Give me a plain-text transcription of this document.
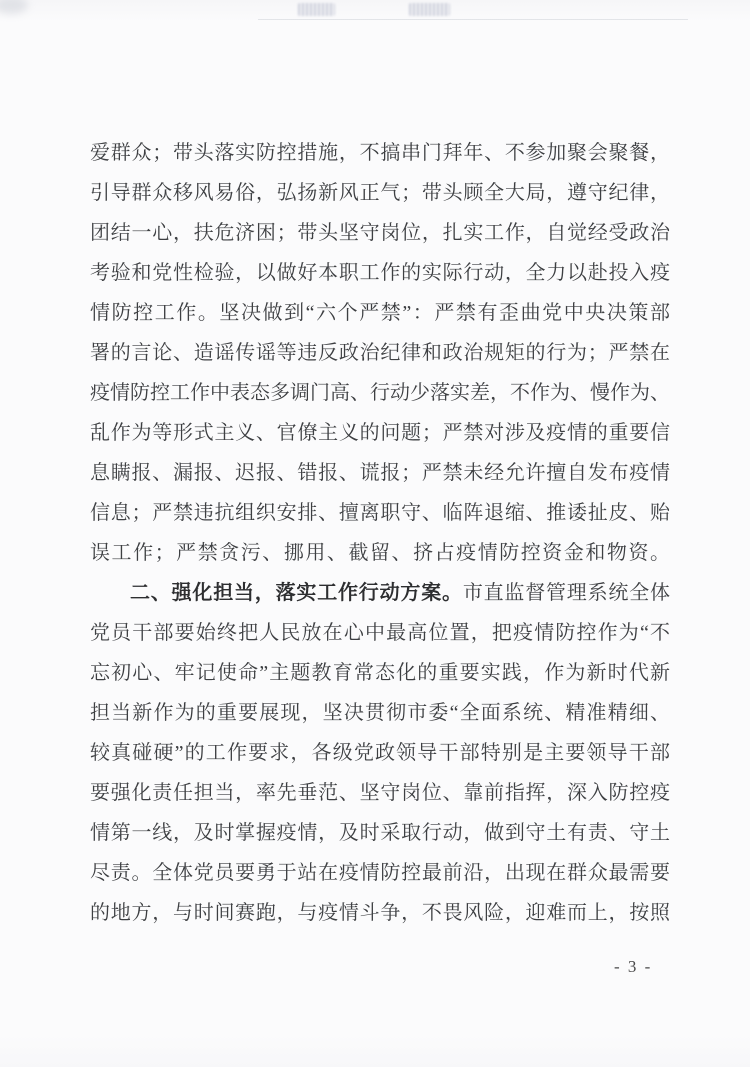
爱群众；带头落实防控措施，不搞串门拜年、不参加聚会聚餐，
引导群众移风易俗，弘扬新风正气；带头顾全大局，遵守纪律，
团结一心，扶危济困；带头坚守岗位，扎实工作，自觉经受政治
考验和党性检验，以做好本职工作的实际行动，全力以赴投入疫
情防控工作。坚决做到“六个严禁”：严禁有歪曲党中央决策部
署的言论、造谣传谣等违反政治纪律和政治规矩的行为；严禁在
疫情防控工作中表态多调门高、行动少落实差，不作为、慢作为、
乱作为等形式主义、官僚主义的问题；严禁对涉及疫情的重要信
息瞒报、漏报、迟报、错报、谎报；严禁未经允许擅自发布疫情
信息；严禁违抗组织安排、擅离职守、临阵退缩、推诿扯皮、贻
误工作；严禁贪污、挪用、截留、挤占疫情防控资金和物资。
二、强化担当，落实工作行动方案。市直监督管理系统全体
党员干部要始终把人民放在心中最高位置，把疫情防控作为“不
忘初心、牢记使命”主题教育常态化的重要实践，作为新时代新
担当新作为的重要展现，坚决贯彻市委“全面系统、精准精细、
较真碰硬”的工作要求，各级党政领导干部特别是主要领导干部
要强化责任担当，率先垂范、坚守岗位、靠前指挥，深入防控疫
情第一线，及时掌握疫情，及时采取行动，做到守土有责、守土
尽责。全体党员要勇于站在疫情防控最前沿，出现在群众最需要
的地方，与时间赛跑，与疫情斗争，不畏风险，迎难而上，按照
- 3 -
